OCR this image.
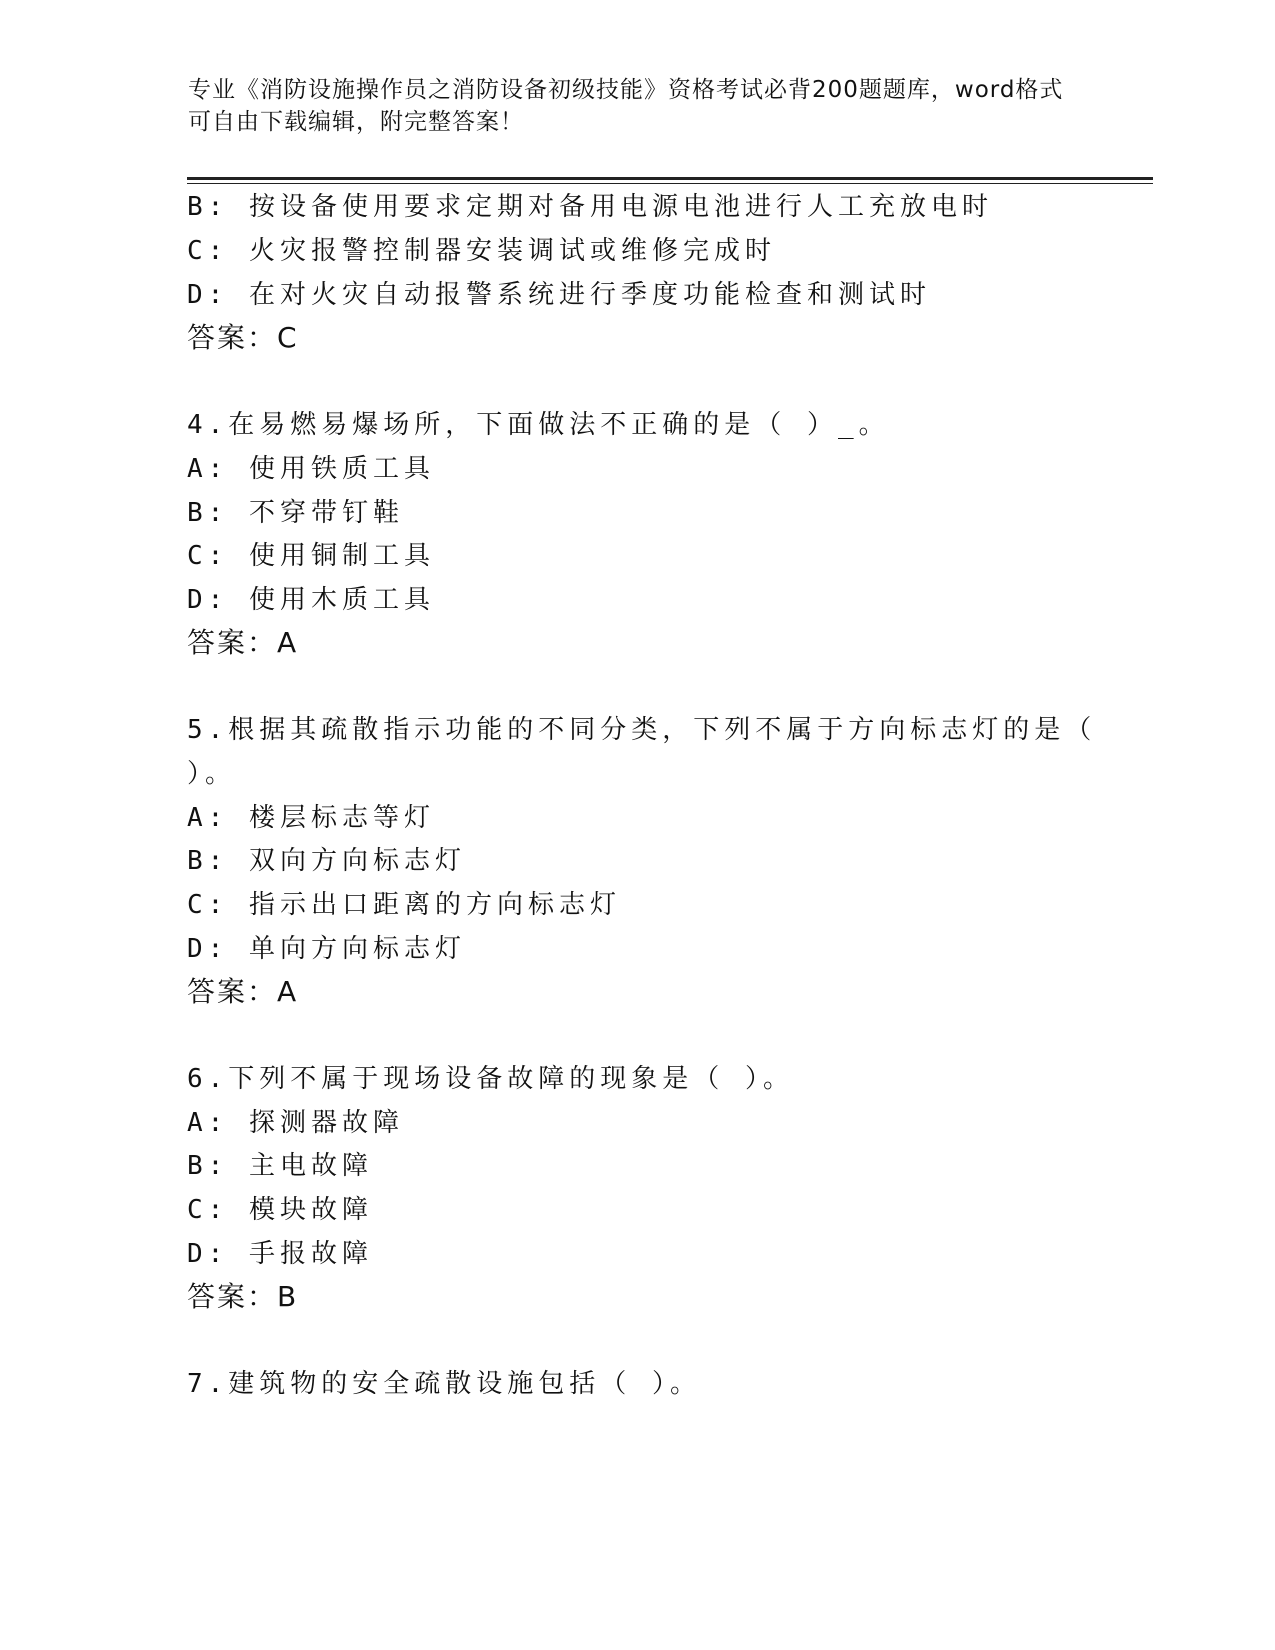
专业《消防设施操作员之消防设备初级技能》资格考试必背200题题库，word格式可自由下载编辑，附完整答案！
B: 按设备使用要求定期对备用电源电池进行人工充放电时
C: 火灾报警控制器安装调试或维修完成时
D: 在对火灾自动报警系统进行季度功能检查和测试时
答案：C
4.在易燃易爆场所，下面做法不正确的是（ ）_。
A: 使用铁质工具
B: 不穿带钉鞋
C: 使用铜制工具
D: 使用木质工具
答案：A
5.根据其疏散指示功能的不同分类，下列不属于方向标志灯的是（
）。
A: 楼层标志等灯
B: 双向方向标志灯
C: 指示出口距离的方向标志灯
D: 单向方向标志灯
答案：A
6.下列不属于现场设备故障的现象是（ ）。
A: 探测器故障
B: 主电故障
C: 模块故障
D: 手报故障
答案：B
7.建筑物的安全疏散设施包括（ ）。
